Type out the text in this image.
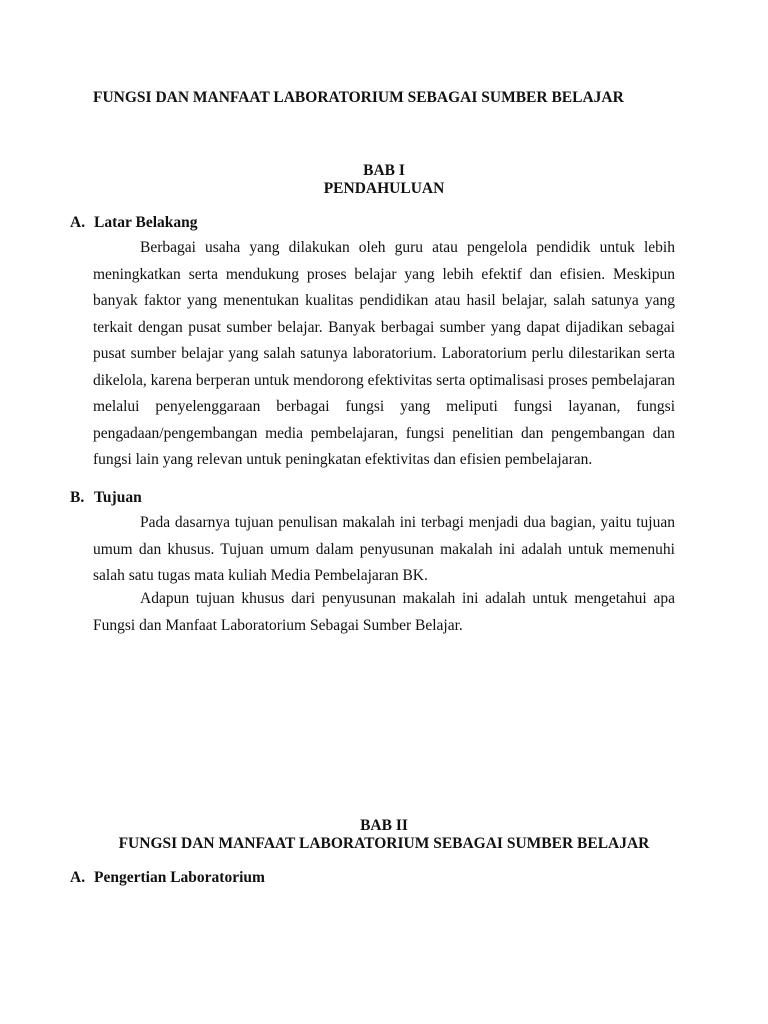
FUNGSI DAN MANFAAT LABORATORIUM SEBAGAI SUMBER BELAJAR
BAB I
PENDAHULUAN
A. Latar Belakang

Berbagai usaha yang dilakukan oleh guru atau pengelola pendidik untuk lebih meningkatkan serta mendukung proses belajar yang lebih efektif dan efisien. Meskipun banyak faktor yang menentukan kualitas pendidikan atau hasil belajar, salah satunya yang terkait dengan pusat sumber belajar. Banyak berbagai sumber yang dapat dijadikan sebagai pusat sumber belajar yang salah satunya laboratorium. Laboratorium perlu dilestarikan serta dikelola, karena berperan untuk mendorong efektivitas serta optimalisasi proses pembelajaran melalui penyelenggaraan berbagai fungsi yang meliputi fungsi layanan, fungsi pengadaan/pengembangan media pembelajaran, fungsi penelitian dan pengembangan dan fungsi lain yang relevan untuk peningkatan efektivitas dan efisien pembelajaran.

B. Tujuan

Pada dasarnya tujuan penulisan makalah ini terbagi menjadi dua bagian, yaitu tujuan umum dan khusus. Tujuan umum dalam penyusunan makalah ini adalah untuk memenuhi salah satu tugas mata kuliah Media Pembelajaran BK.

Adapun tujuan khusus dari penyusunan makalah ini adalah untuk mengetahui apa Fungsi dan Manfaat Laboratorium Sebagai Sumber Belajar.

BAB II
FUNGSI DAN MANFAAT LABORATORIUM SEBAGAI SUMBER BELAJAR
A. Pengertian Laboratorium
